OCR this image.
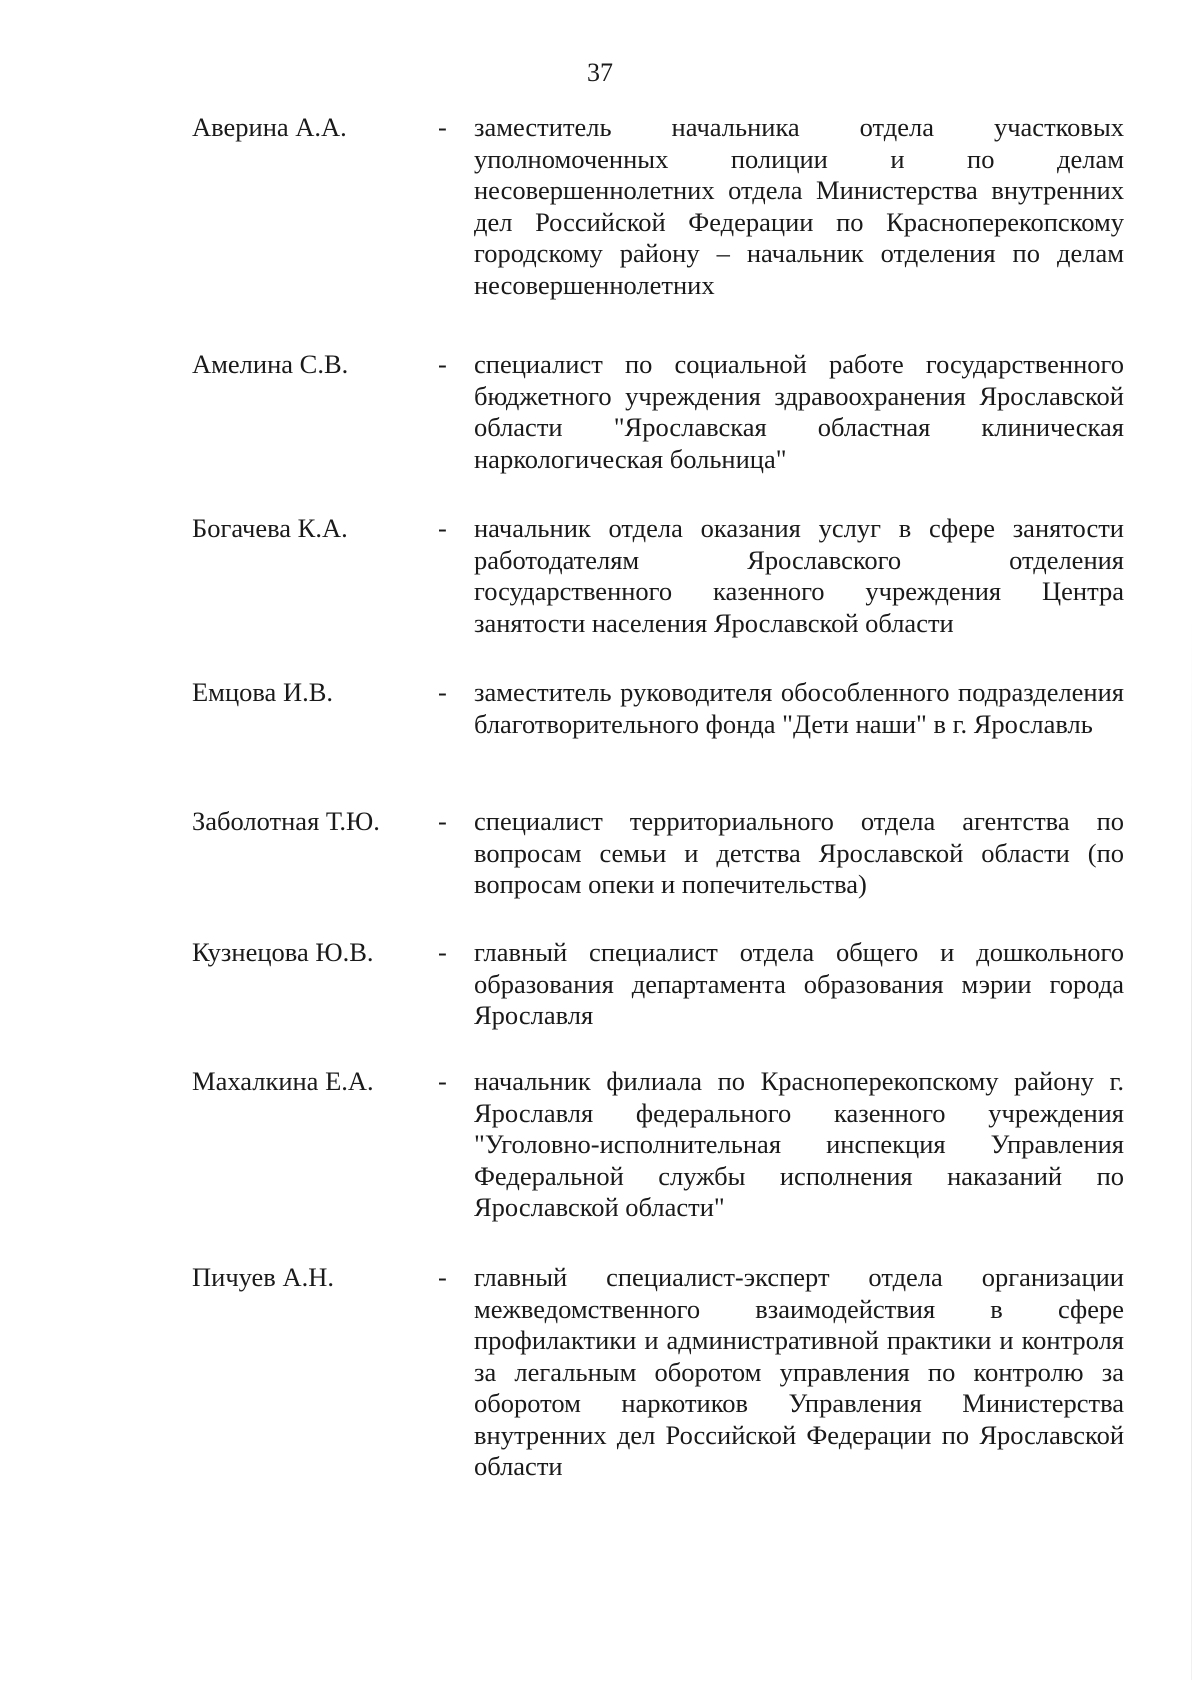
37
Аверина А.А.	- заместитель начальника отдела участковых уполномоченных полиции и по делам несовершеннолетних отдела Министерства внутренних дел Российской Федерации по Красноперекопскому городскому району – начальник отделения по делам несовершеннолетних
Амелина С.В.	- специалист по социальной работе государственного бюджетного учреждения здравоохранения Ярославской области "Ярославская областная клиническая наркологическая больница"
Богачева К.А.	- начальник отдела оказания услуг в сфере занятости работодателям Ярославского отделения государственного казенного учреждения Центра занятости населения Ярославской области
Емцова И.В.	- заместитель руководителя обособленного подразделения благотворительного фонда "Дети наши" в г. Ярославль
Заболотная Т.Ю. - специалист территориального отдела агентства по вопросам семьи и детства Ярославской области (по вопросам опеки и попечительства)
Кузнецова Ю.В. - главный специалист отдела общего и дошкольного образования департамента образования мэрии города Ярославля
Махалкина Е.А. - начальник филиала по Красноперекопскому району г. Ярославля федерального казенного учреждения "Уголовно-исполнительная инспекция Управления Федеральной службы исполнения наказаний по Ярославской области"
Пичуев А.Н.	- главный специалист-эксперт отдела организации межведомственного взаимодействия в сфере профилактики и административной практики и контроля за легальным оборотом управления по контролю за оборотом наркотиков Управления Министерства внутренних дел Российской Федерации по Ярославской области
